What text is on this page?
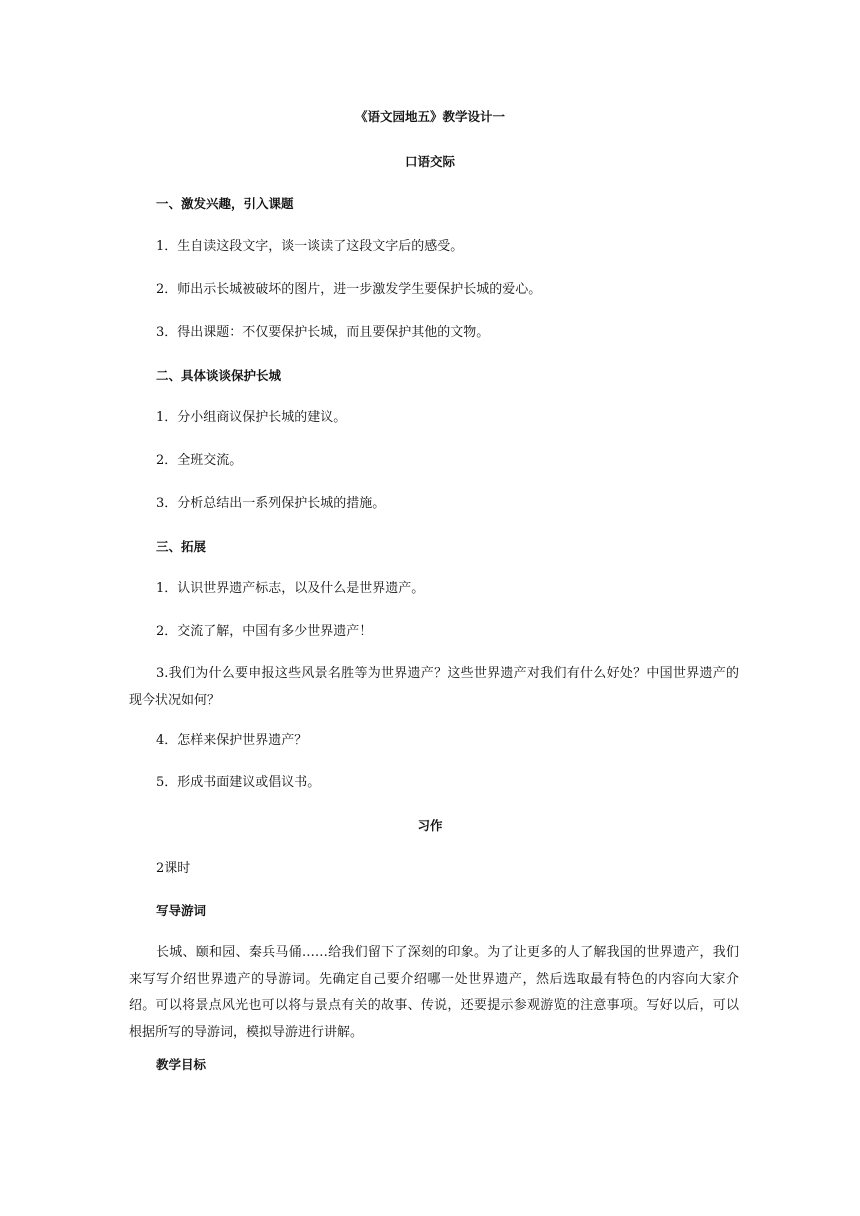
《语文园地五》教学设计一
口语交际
一、激发兴趣，引入课题
1．生自读这段文字，谈一谈读了这段文字后的感受。
2．师出示长城被破坏的图片，进一步激发学生要保护长城的爱心。
3．得出课题：不仅要保护长城，而且要保护其他的文物。
二、具体谈谈保护长城
1．分小组商议保护长城的建议。
2．全班交流。
3．分析总结出一系列保护长城的措施。
三、拓展
1．认识世界遗产标志，以及什么是世界遗产。
2．交流了解，中国有多少世界遗产！
3.我们为什么要申报这些风景名胜等为世界遗产？这些世界遗产对我们有什么好处？中国世界遗产的现今状况如何？
4．怎样来保护世界遗产？
5．形成书面建议或倡议书。
习作
2课时
写导游词
长城、颐和园、秦兵马俑……给我们留下了深刻的印象。为了让更多的人了解我国的世界遗产，我们来写写介绍世界遗产的导游词。先确定自己要介绍哪一处世界遗产，然后选取最有特色的内容向大家介绍。可以将景点风光也可以将与景点有关的故事、传说，还要提示参观游览的注意事项。写好以后，可以根据所写的导游词，模拟导游进行讲解。
教学目标
